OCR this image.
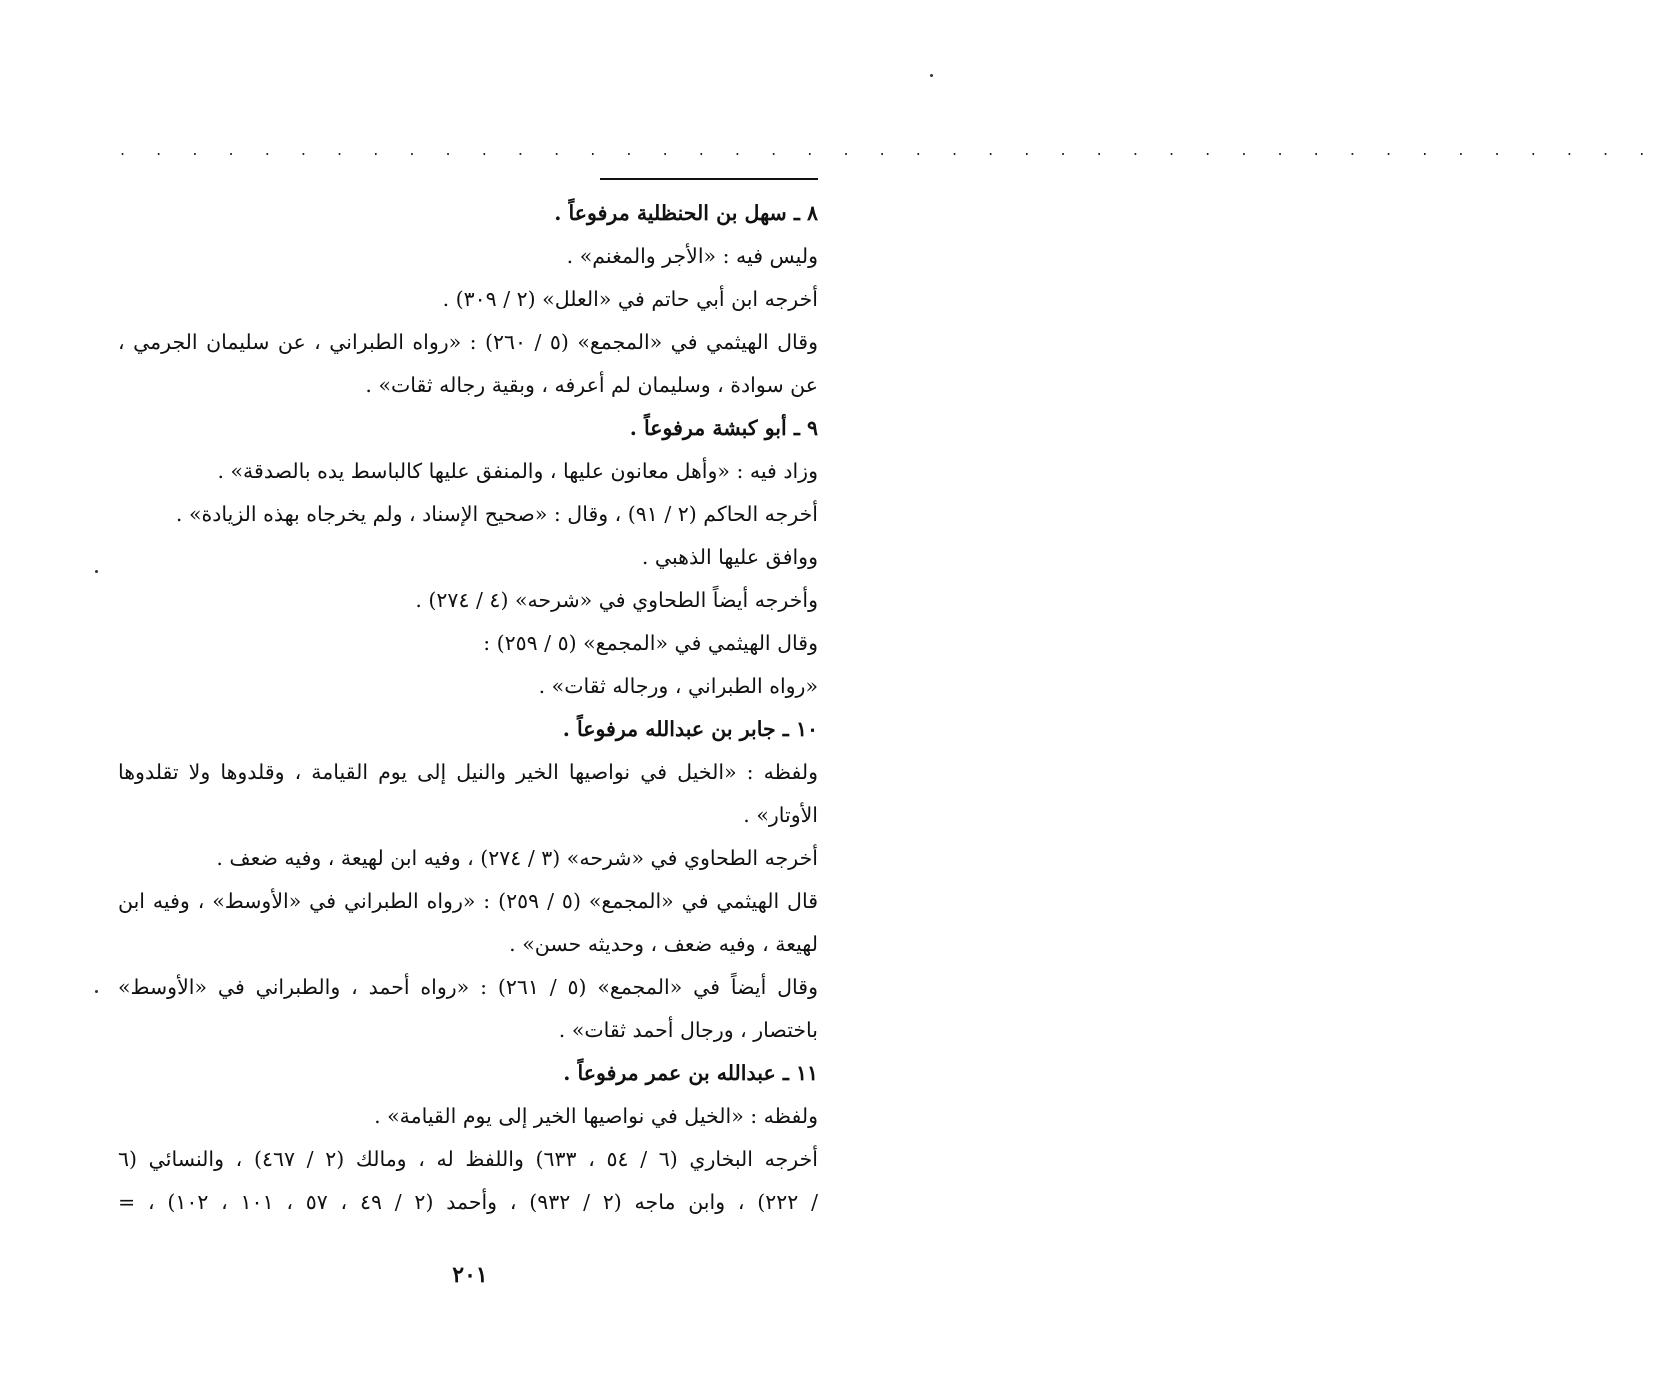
. . . . . . . . . . . . . . . . . . . . . . . . . . . . . . . . . . . . . . . . . . .
٨ ـ سهل بن الحنظلية مرفوعاً .
وليس فيه : «الأجر والمغنم» .
أخرجه ابن أبي حاتم في «العلل» (٢ / ٣٠٩) .
وقال الهيثمي في «المجمع» (٥ / ٢٦٠) : «رواه الطبراني ، عن سليمان الجرمي ،
عن سوادة ، وسليمان لم أعرفه ، وبقية رجاله ثقات» .
٩ ـ أبو كبشة مرفوعاً .
وزاد فيه : «وأهل معانون عليها ، والمنفق عليها كالباسط يده بالصدقة» .
أخرجه الحاكم (٢ / ٩١) ، وقال : «صحيح الإسناد ، ولم يخرجاه بهذه الزيادة» .
ووافق عليها الذهبي .
وأخرجه أيضاً الطحاوي في «شرحه» (٤ / ٢٧٤) .
وقال الهيثمي في «المجمع» (٥ / ٢٥٩) :
«رواه الطبراني ، ورجاله ثقات» .
١٠ ـ جابر بن عبدالله مرفوعاً .
ولفظه : «الخيل في نواصيها الخير والنيل إلى يوم القيامة ، وقلدوها ولا تقلدوها
الأوتار» .
أخرجه الطحاوي في «شرحه» (٣ / ٢٧٤) ، وفيه ابن لهيعة ، وفيه ضعف .
قال الهيثمي في «المجمع» (٥ / ٢٥٩) : «رواه الطبراني في «الأوسط» ، وفيه ابن
لهيعة ، وفيه ضعف ، وحديثه حسن» .
وقال أيضاً في «المجمع» (٥ / ٢٦١) : «رواه أحمد ، والطبراني في «الأوسط»
باختصار ، ورجال أحمد ثقات» .
١١ ـ عبدالله بن عمر مرفوعاً .
ولفظه : «الخيل في نواصيها الخير إلى يوم القيامة» .
أخرجه البخاري (٦ / ٥٤ ، ٦٣٣) واللفظ له ، ومالك (٢ / ٤٦٧) ، والنسائي (٦
/ ٢٢٢) ، وابن ماجه (٢ / ٩٣٢) ، وأحمد (٢ / ٤٩ ، ٥٧ ، ١٠١ ، ١٠٢) ، =
٢٠١
